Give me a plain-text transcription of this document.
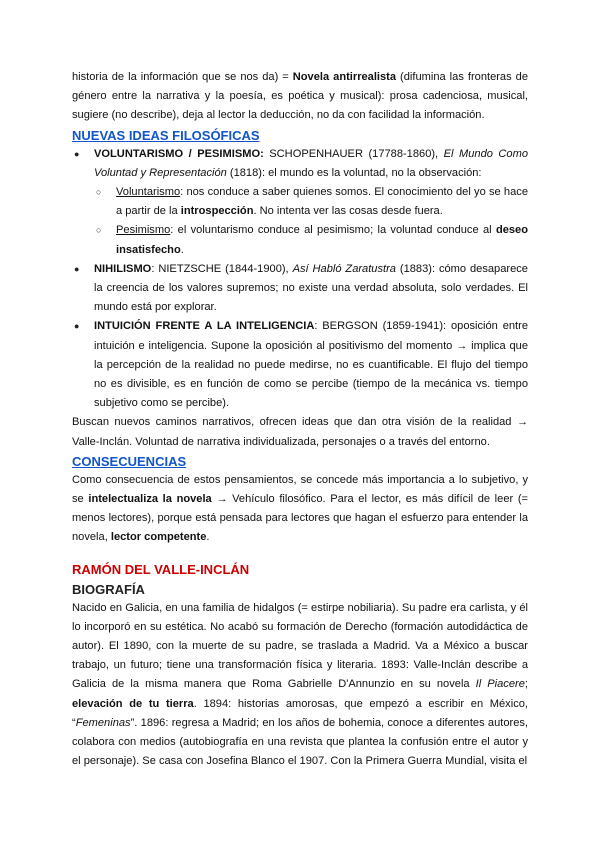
historia de la información que se nos da) = Novela antirrealista (difumina las fronteras de género entre la narrativa y la poesía, es poética y musical): prosa cadenciosa, musical, sugiere (no describe), deja al lector la deducción, no da con facilidad la información.

NUEVAS IDEAS FILOSÓFICAS

● VOLUNTARISMO / PESIMISMO: SCHOPENHAUER (17788-1860), El Mundo Como Voluntad y Representación (1818): el mundo es la voluntad, no la observación:
○ Voluntarismo: nos conduce a saber quienes somos. El conocimiento del yo se hace a partir de la introspección. No intenta ver las cosas desde fuera.
○ Pesimismo: el voluntarismo conduce al pesimismo; la voluntad conduce al deseo insatisfecho.
● NIHILISMO: NIETZSCHE (1844-1900), Así Habló Zaratustra (1883): cómo desaparece la creencia de los valores supremos; no existe una verdad absoluta, solo verdades. El mundo está por explorar.
● INTUICIÓN FRENTE A LA INTELIGENCIA: BERGSON (1859-1941): oposición entre intuición e inteligencia. Supone la oposición al positivismo del momento → implica que la percepción de la realidad no puede medirse, no es cuantificable. El flujo del tiempo no es divisible, es en función de como se percibe (tiempo de la mecánica vs. tiempo subjetivo como se percibe).

Buscan nuevos caminos narrativos, ofrecen ideas que dan otra visión de la realidad → Valle-Inclán. Voluntad de narrativa individualizada, personajes o a través del entorno.

CONSECUENCIAS

Como consecuencia de estos pensamientos, se concede más importancia a lo subjetivo, y se intelectualiza la novela → Vehículo filosófico. Para el lector, es más difícil de leer (= menos lectores), porque está pensada para lectores que hagan el esfuerzo para entender la novela, lector competente.

RAMÓN DEL VALLE-INCLÁN

BIOGRAFÍA

Nacido en Galicia, en una familia de hidalgos (= estirpe nobiliaria). Su padre era carlista, y él lo incorporó en su estética. No acabó su formación de Derecho (formación autodidáctica de autor). El 1890, con la muerte de su padre, se traslada a Madrid. Va a México a buscar trabajo, un futuro; tiene una transformación física y literaria. 1893: Valle-Inclán describe a Galicia de la misma manera que Roma Gabrielle D'Annunzio en su novela Il Piacere; elevación de tu tierra. 1894: historias amorosas, que empezó a escribir en México, “Femeninas”. 1896: regresa a Madrid; en los años de bohemia, conoce a diferentes autores, colabora con medios (autobiografía en una revista que plantea la confusión entre el autor y el personaje). Se casa con Josefina Blanco el 1907. Con la Primera Guerra Mundial, visita el
